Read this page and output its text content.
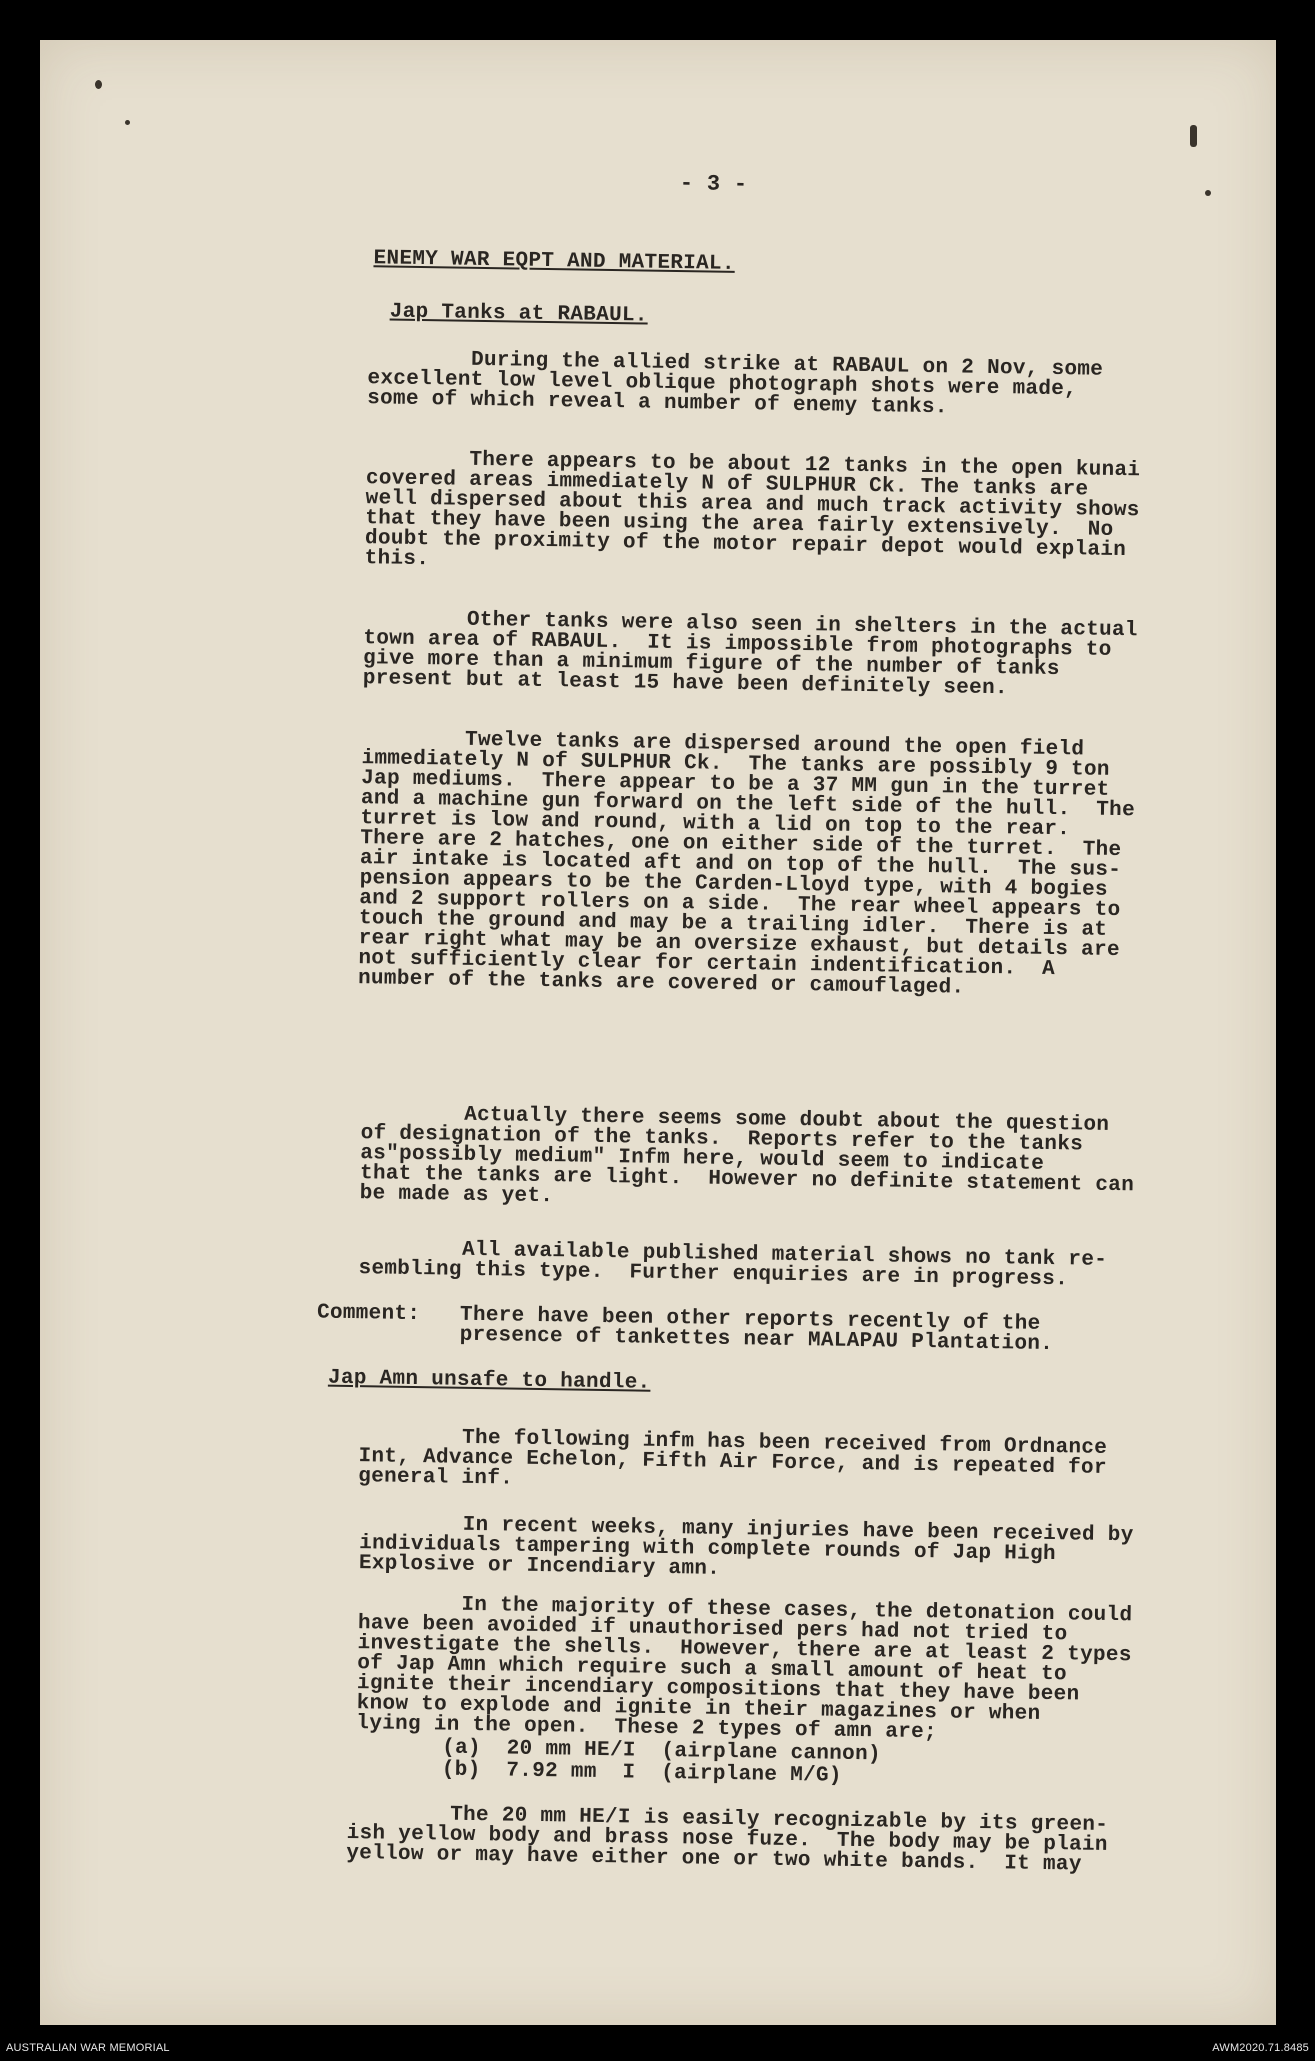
- 3 -
ENEMY WAR EQPT AND MATERIAL.
Jap Tanks at RABAUL.
During the allied strike at RABAUL on 2 Nov, some
excellent low level oblique photograph shots were made,
some of which reveal a number of enemy tanks.
There appears to be about 12 tanks in the open kunai
covered areas immediately N of SULPHUR Ck. The tanks are
well dispersed about this area and much track activity shows
that they have been using the area fairly extensively.  No
doubt the proximity of the motor repair depot would explain
this.
Other tanks were also seen in shelters in the actual
town area of RABAUL.  It is impossible from photographs to
give more than a minimum figure of the number of tanks
present but at least 15 have been definitely seen.
Twelve tanks are dispersed around the open field
immediately N of SULPHUR Ck.  The tanks are possibly 9 ton
Jap mediums.  There appear to be a 37 MM gun in the turret
and a machine gun forward on the left side of the hull.  The
turret is low and round, with a lid on top to the rear.
There are 2 hatches, one on either side of the turret.  The
air intake is located aft and on top of the hull.  The sus-
pension appears to be the Carden-Lloyd type, with 4 bogies
and 2 support rollers on a side.  The rear wheel appears to
touch the ground and may be a trailing idler.  There is at
rear right what may be an oversize exhaust, but details are
not sufficiently clear for certain indentification.  A
number of the tanks are covered or camouflaged.
Actually there seems some doubt about the question
of designation of the tanks.  Reports refer to the tanks
as"possibly medium" Infm here, would seem to indicate
that the tanks are light.  However no definite statement can
be made as yet.
All available published material shows no tank re-
sembling this type.  Further enquiries are in progress.
Comment: There have been other reports recently of the
presence of tankettes near MALAPAU Plantation.
Jap Amn unsafe to handle.
The following infm has been received from Ordnance
Int, Advance Echelon, Fifth Air Force, and is repeated for
general inf.
In recent weeks, many injuries have been received by
individuals tampering with complete rounds of Jap High
Explosive or Incendiary amn.
In the majority of these cases, the detonation could
have been avoided if unauthorised pers had not tried to
investigate the shells.  However, there are at least 2 types
of Jap Amn which require such a small amount of heat to
ignite their incendiary compositions that they have been
know to explode and ignite in their magazines or when
lying in the open.  These 2 types of amn are;
(a)  20 mm HE/I  (airplane cannon)
(b)  7.92 mm  I  (airplane M/G)
The 20 mm HE/I is easily recognizable by its green-
ish yellow body and brass nose fuze.  The body may be plain
yellow or may have either one or two white bands.  It may
AUSTRALIAN WAR MEMORIAL	AWM2020.71.8485
